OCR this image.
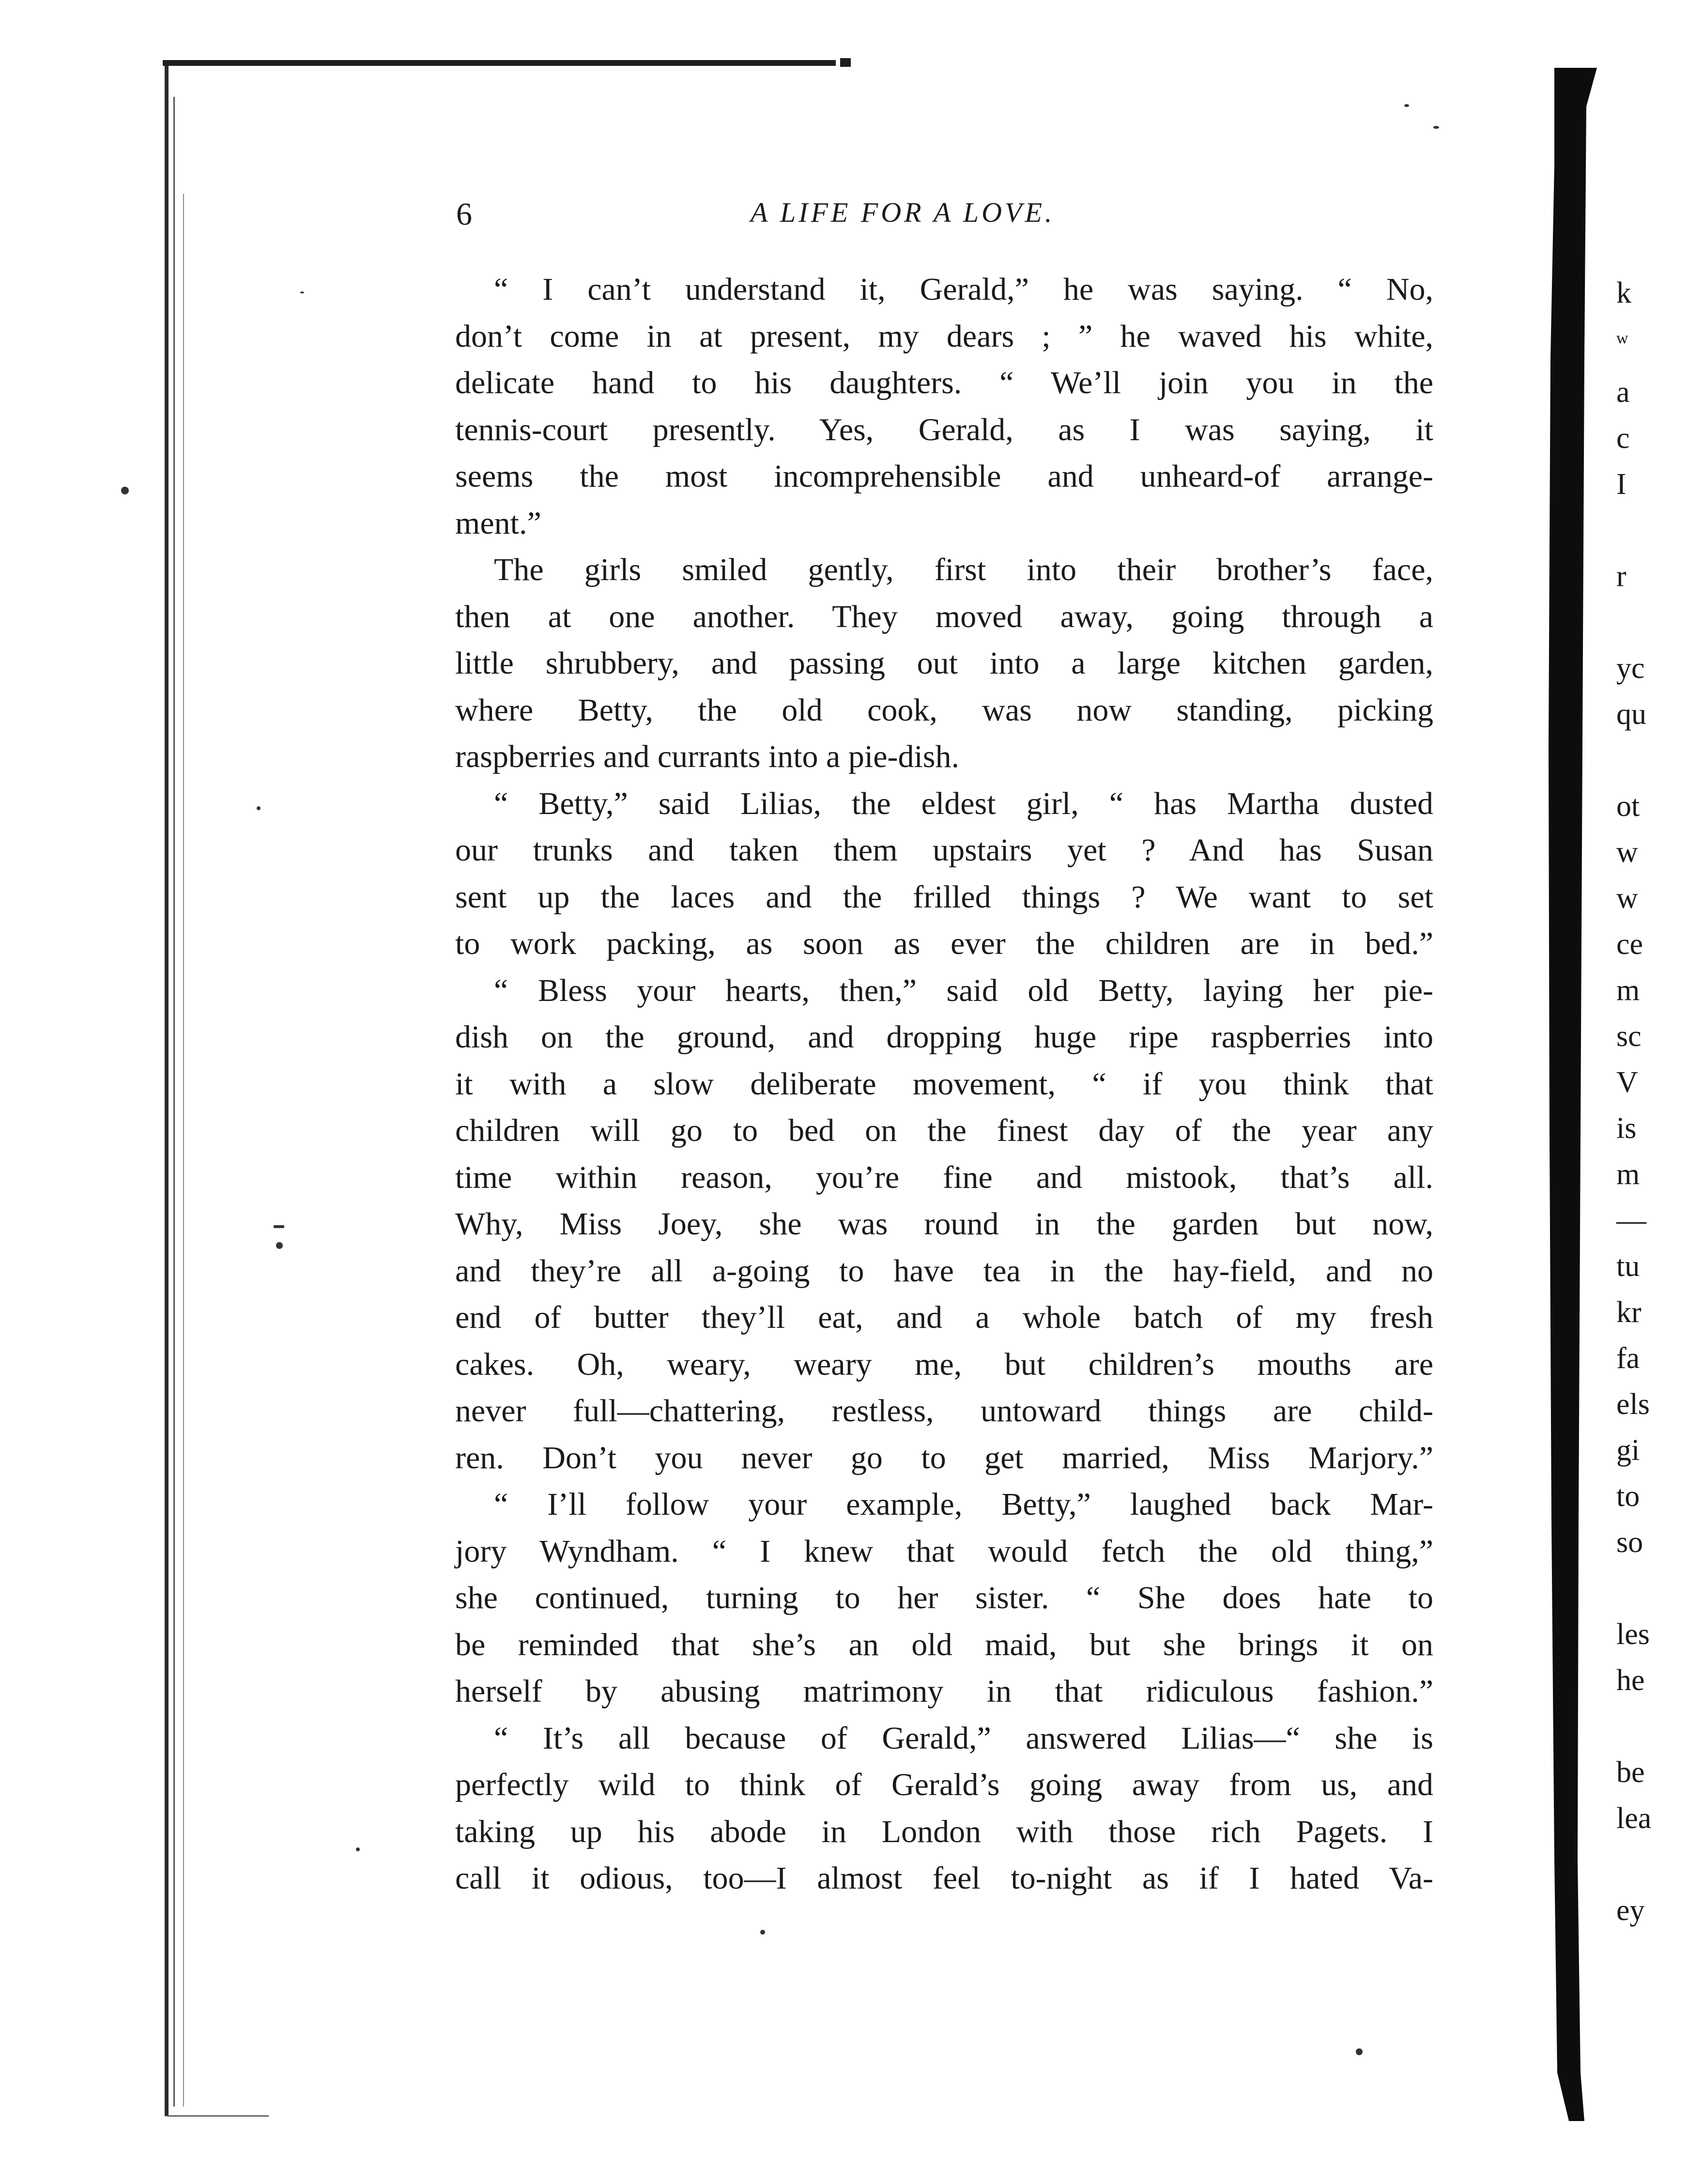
6	A LIFE FOR A LOVE.
“ I can’t understand it, Gerald,” he was saying. “ No,
don’t come in at present, my dears ; ” he waved his white,
delicate hand to his daughters. “ We’ll join you in the
tennis-court presently. Yes, Gerald, as I was saying, it
seems the most incomprehensible and unheard-of arrange-
ment.”
The girls smiled gently, first into their brother’s face,
then at one another. They moved away, going through a
little shrubbery, and passing out into a large kitchen garden,
where Betty, the old cook, was now standing, picking
raspberries and currants into a pie-dish.
“ Betty,” said Lilias, the eldest girl, “ has Martha dusted
our trunks and taken them upstairs yet ? And has Susan
sent up the laces and the frilled things ? We want to set
to work packing, as soon as ever the children are in bed.”
“ Bless your hearts, then,” said old Betty, laying her pie-
dish on the ground, and dropping huge ripe raspberries into
it with a slow deliberate movement, “ if you think that
children will go to bed on the finest day of the year any
time within reason, you’re fine and mistook, that’s all.
Why, Miss Joey, she was round in the garden but now,
and they’re all a-going to have tea in the hay-field, and no
end of butter they’ll eat, and a whole batch of my fresh
cakes. Oh, weary, weary me, but children’s mouths are
never full—chattering, restless, untoward things are child-
ren. Don’t you never go to get married, Miss Marjory.”
“ I’ll follow your example, Betty,” laughed back Mar-
jory Wyndham. “ I knew that would fetch the old thing,”
she continued, turning to her sister. “ She does hate to
be reminded that she’s an old maid, but she brings it on
herself by abusing matrimony in that ridiculous fashion.”
“ It’s all because of Gerald,” answered Lilias—“ she is
perfectly wild to think of Gerald’s going away from us, and
taking up his abode in London with those rich Pagets. I
call it odious, too—I almost feel to-night as if I hated Va-
k
w
a
c
I
r
yc
qu
ot
w
w
ce
m
sc
V
is
m
—
tu
kr
fa
els
gi
to
so
les
he
be
lea
ey
